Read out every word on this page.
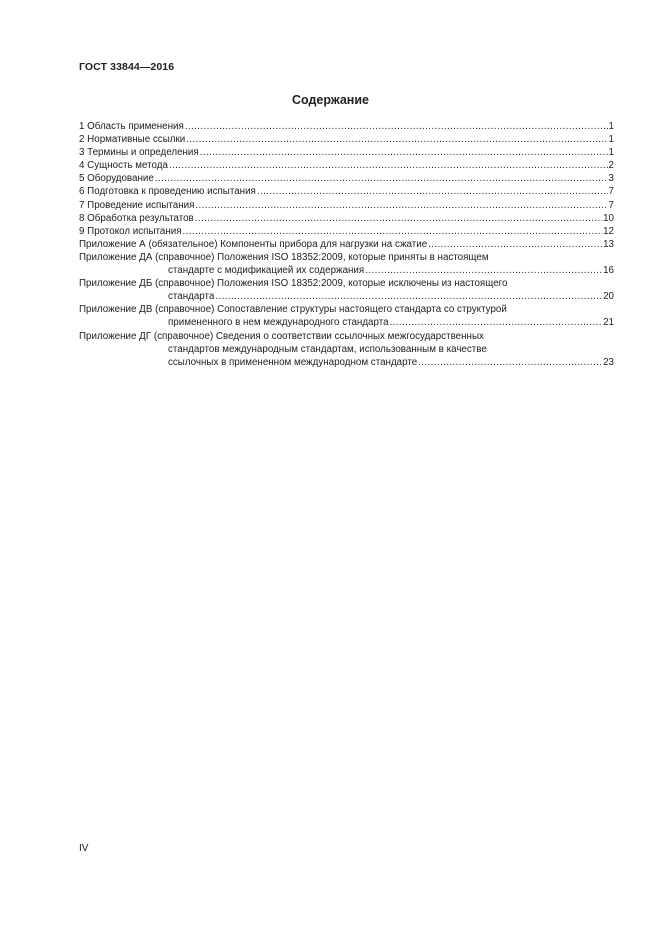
ГОСТ 33844—2016
Содержание
1 Область применения .....	1
2 Нормативные ссылки .....	1
3 Термины и определения .....	1
4 Сущность метода .....	2
5 Оборудование .....	3
6 Подготовка к проведению испытания .....	7
7 Проведение испытания .....	7
8 Обработка результатов .....	10
9 Протокол испытания .....	12
Приложение А (обязательное) Компоненты прибора для нагрузки на сжатие .....	13
Приложение ДА (справочное) Положения ISO 18352:2009, которые приняты в настоящем
стандарте с модификацией их содержания .....	16
Приложение ДБ (справочное) Положения ISO 18352:2009, которые исключены из настоящего
стандарта .....	20
Приложение ДВ (справочное) Сопоставление структуры настоящего стандарта со структурой
примененного в нем международного стандарта .....	21
Приложение ДГ (справочное) Сведения о соответствии ссылочных межгосударственных
стандартов международным стандартам, использованным в качестве
ссылочных в примененном международном стандарте .....	23
IV
